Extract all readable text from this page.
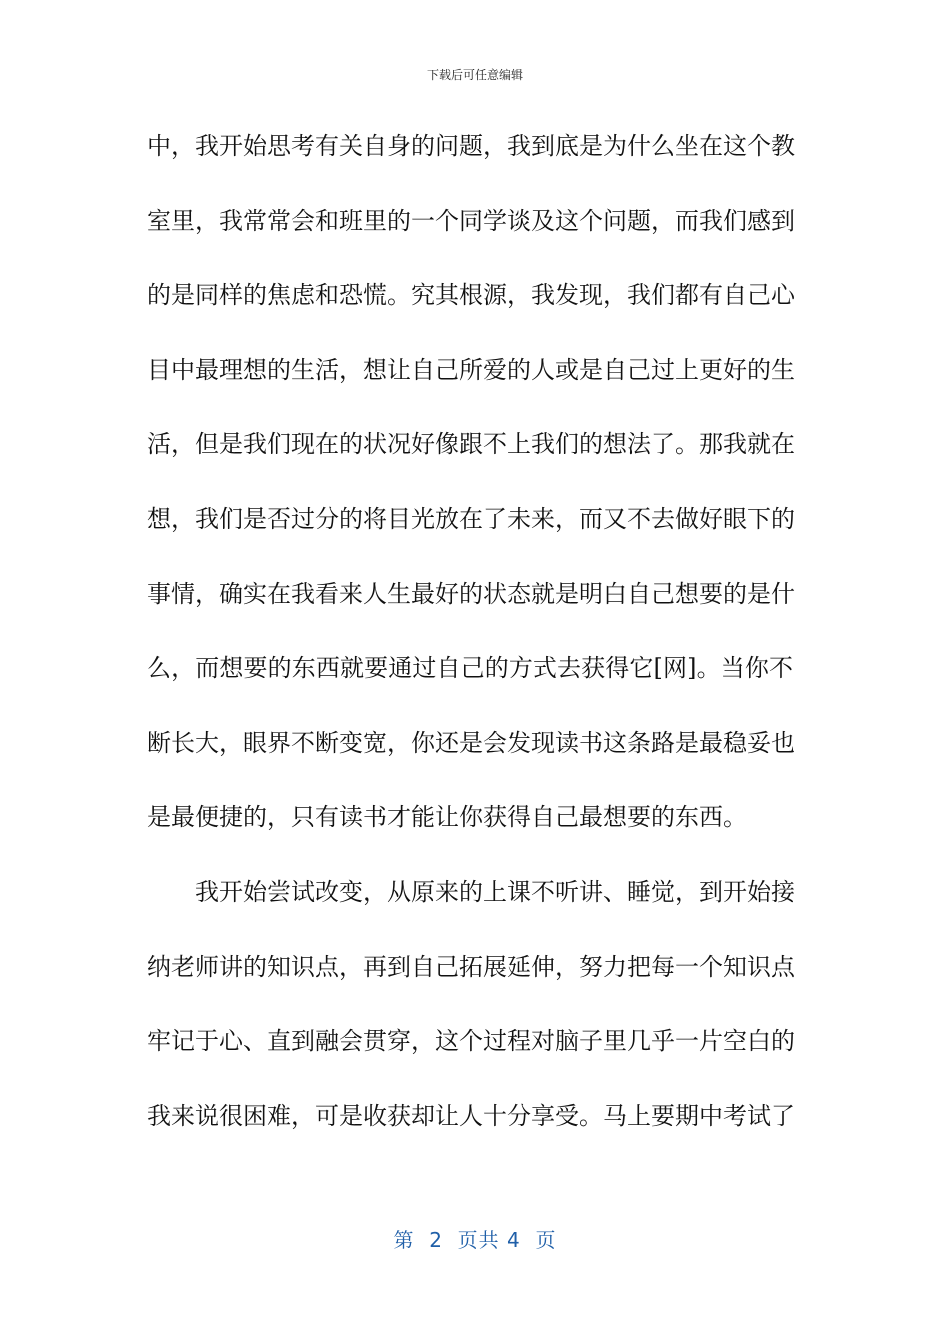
下载后可任意编辑
中，我开始思考有关自身的问题，我到底是为什么坐在这个教
室里，我常常会和班里的一个同学谈及这个问题，而我们感到
的是同样的焦虑和恐慌。究其根源，我发现，我们都有自己心
目中最理想的生活，想让自己所爱的人或是自己过上更好的生
活，但是我们现在的状况好像跟不上我们的想法了。那我就在
想，我们是否过分的将目光放在了未来，而又不去做好眼下的
事情，确实在我看来人生最好的状态就是明白自己想要的是什
么，而想要的东西就要通过自己的方式去获得它[网]。当你不
断长大，眼界不断变宽，你还是会发现读书这条路是最稳妥也
是最便捷的，只有读书才能让你获得自己最想要的东西。
我开始尝试改变，从原来的上课不听讲、睡觉，到开始接
纳老师讲的知识点，再到自己拓展延伸，努力把每一个知识点
牢记于心、直到融会贯穿，这个过程对脑子里几乎一片空白的
我来说很困难，可是收获却让人十分享受。马上要期中考试了
第  2  页共 4  页
